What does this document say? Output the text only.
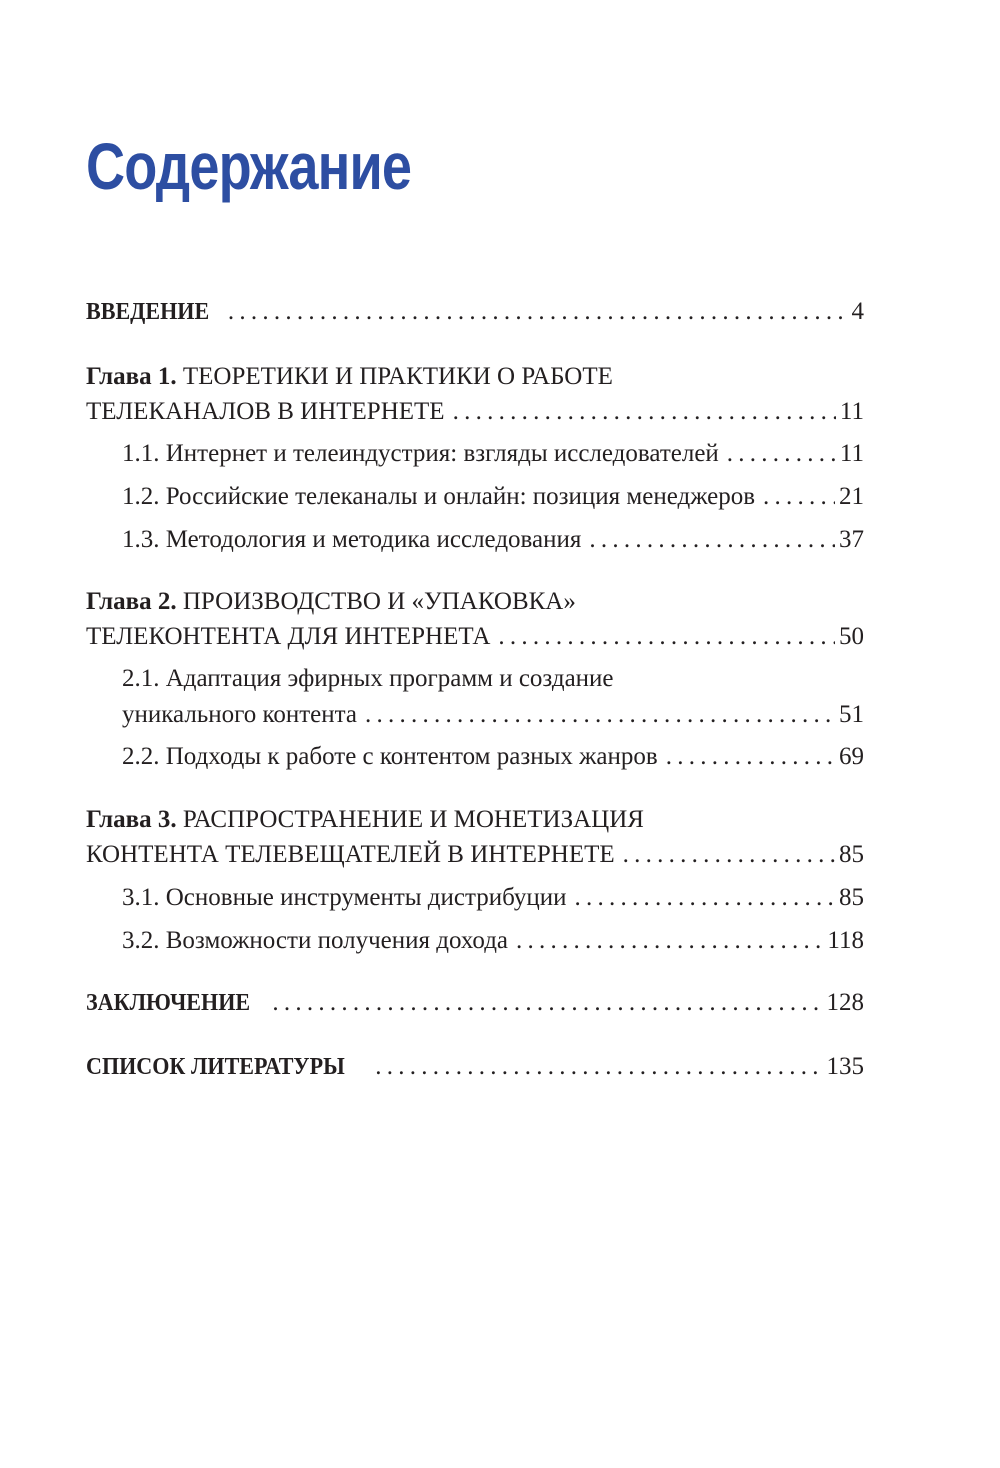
Содержание
ВВЕДЕНИЕ . . .	4
Глава 1. ТЕОРЕТИКИ И ПРАКТИКИ О РАБОТЕ
ТЕЛЕКАНАЛОВ В ИНТЕРНЕТЕ . . .	11
1.1. Интернет и телеиндустрия: взгляды исследователей . . .	11
1.2. Российские телеканалы и онлайн: позиция менеджеров . . .	21
1.3. Методология и методика исследования . . .	37
Глава 2. ПРОИЗВОДСТВО И «УПАКОВКА»
ТЕЛЕКОНТЕНТА ДЛЯ ИНТЕРНЕТА . . .	50
2.1. Адаптация эфирных программ и создание
уникального контента . . .	51
2.2. Подходы к работе с контентом разных жанров . . .	69
Глава 3. РАСПРОСТРАНЕНИЕ И МОНЕТИЗАЦИЯ
КОНТЕНТА ТЕЛЕВЕЩАТЕЛЕЙ В ИНТЕРНЕТЕ . . .	85
3.1. Основные инструменты дистрибуции . . .	85
3.2. Возможности получения дохода . . .	118
ЗАКЛЮЧЕНИЕ . . .	128
СПИСОК ЛИТЕРАТУРЫ . . .	135
